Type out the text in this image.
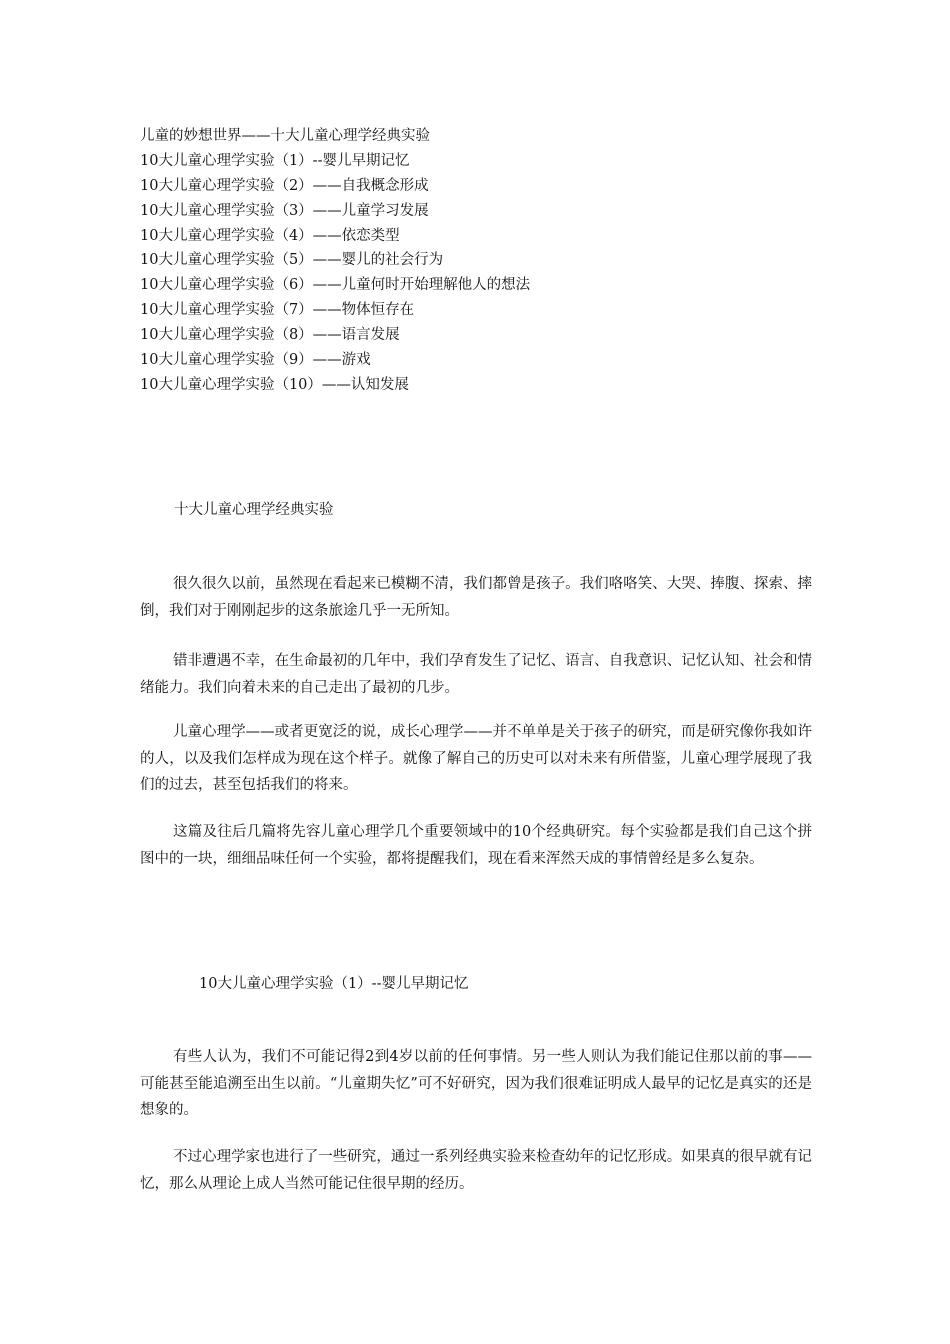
儿童的妙想世界——十大儿童心理学经典实验
10大儿童心理学实验（1）--婴儿早期记忆
10大儿童心理学实验（2）——自我概念形成
10大儿童心理学实验（3）——儿童学习发展
10大儿童心理学实验（4）——依恋类型
10大儿童心理学实验（5）——婴儿的社会行为
10大儿童心理学实验（6）——儿童何时开始理解他人的想法
10大儿童心理学实验（7）——物体恒存在
10大儿童心理学实验（8）——语言发展
10大儿童心理学实验（9）——游戏
10大儿童心理学实验（10）——认知发展
十大儿童心理学经典实验

很久很久以前，虽然现在看起来已模糊不清，我们都曾是孩子。我们咯咯笑、大哭、捧腹、探索、摔倒，我们对于刚刚起步的这条旅途几乎一无所知。

错非遭遇不幸，在生命最初的几年中，我们孕育发生了记忆、语言、自我意识、记忆认知、社会和情绪能力。我们向着未来的自己走出了最初的几步。

儿童心理学——或者更宽泛的说，成长心理学——并不单单是关于孩子的研究，而是研究像你我如许的人，以及我们怎样成为现在这个样子。就像了解自己的历史可以对未来有所借鉴，儿童心理学展现了我们的过去，甚至包括我们的将来。

这篇及往后几篇将先容儿童心理学几个重要领域中的10个经典研究。每个实验都是我们自己这个拼图中的一块，细细品味任何一个实验，都将提醒我们，现在看来浑然天成的事情曾经是多么复杂。

10大儿童心理学实验（1）--婴儿早期记忆

有些人认为，我们不可能记得2到4岁以前的任何事情。另一些人则认为我们能记住那以前的事——可能甚至能追溯至出生以前。“儿童期失忆”可不好研究，因为我们很难证明成人最早的记忆是真实的还是想象的。

不过心理学家也进行了一些研究，通过一系列经典实验来检查幼年的记忆形成。如果真的很早就有记忆，那么从理论上成人当然可能记住很早期的经历。
